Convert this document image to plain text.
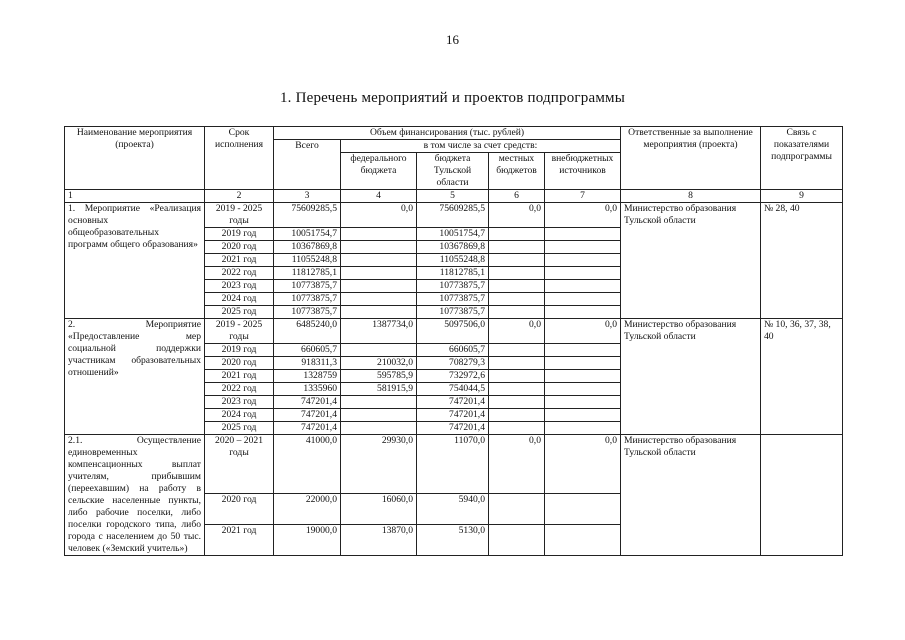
16
1. Перечень мероприятий и проектов подпрограммы
Наименование мероприятия (проекта)	Срок исполнения	Объем финансирования (тыс. рублей)					Ответственные за выполнение мероприятия (проекта)	Связь с показателями подпрограммы
		Всего	в том числе за счет средств:					
			федерального бюджета	бюджета Тульской области	местных бюджетов	внебюджетных источников		
1	2	3	4	5	6	7	8	9
1. Мероприятие «Реализация основных общеобразовательных программ общего образования»	2019 - 2025 годы	75609285,5	0,0	75609285,5	0,0	0,0	Министерство образования Тульской области	№ 28, 40
	2019 год	10051754,7		10051754,7				
	2020 год	10367869,8		10367869,8				
	2021 год	11055248,8		11055248,8				
	2022 год	11812785,1		11812785,1				
	2023 год	10773875,7		10773875,7				
	2024 год	10773875,7		10773875,7				
	2025 год	10773875,7		10773875,7				
2. Мероприятие «Предоставление мер социальной поддержки участникам образовательных отношений»	2019 - 2025 годы	6485240,0	1387734,0	5097506,0	0,0	0,0	Министерство образования Тульской области	№ 10, 36, 37, 38, 40
	2019 год	660605,7		660605,7				
	2020 год	918311,3	210032,0	708279,3				
	2021 год	1328759	595785,9	732972,6				
	2022 год	1335960	581915,9	754044,5				
	2023 год	747201,4		747201,4				
	2024 год	747201,4		747201,4				
	2025 год	747201,4		747201,4				
2.1. Осуществление единовременных компенсационных выплат учителям, прибывшим (переехавшим) на работу в сельские населенные пункты, либо рабочие поселки, либо поселки городского типа, либо города с населением до 50 тыс. человек («Земский учитель»)	2020 – 2021 годы	41000,0	29930,0	11070,0	0,0	0,0	Министерство образования Тульской области	
	2020 год	22000,0	16060,0	5940,0				
	2021 год	19000,0	13870,0	5130,0				
